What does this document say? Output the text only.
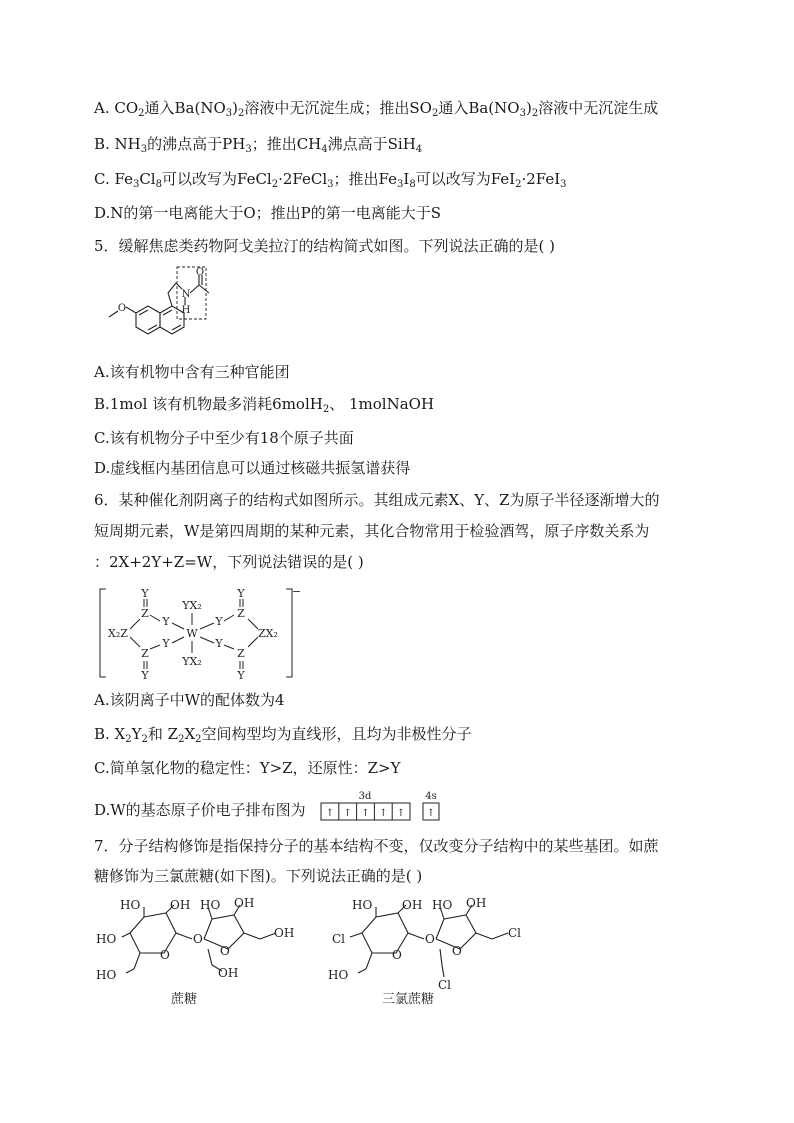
A. $CO_2$通入$Ba(NO_3)_2$溶液中无沉淀生成；推出$SO_2$通入$Ba(NO_3)_2$溶液中无沉淀生成
B. $NH_3$的沸点高于$PH_3$；推出$CH_4$沸点高于SiH$_4$
C. $Fe_3Cl_8$可以改写为FeCl$_2$·2FeCl$_3$；推出$Fe_3I_8$可以改写为FeI$_2$·2FeI$_3$
D.N的第一电离能大于O；推出P的第一电离能大于S
5．缓解焦虑类药物阿戈美拉汀的结构简式如图。下列说法正确的是( )
O
N
O
H
A.该有机物中含有三种官能团
B.1mol 该有机物最多消耗6molH$_2$、 1molNaOH
C.该有机物分子中至少有18个原子共面
D.虚线框内基团信息可以通过核磁共振氢谱获得
6．某种催化剂阴离子的结构式如图所示。其组成元素X、Y、Z为原子半径逐渐增大的
短周期元素，W是第四周期的某种元素，其化合物常用于检验酒驾，原子序数关系为
：2X+2Y+Z=W，下列说法错误的是( )
X₂Z
Y
Z
Y
Z
Y
Y
YX₂
W
YX₂
Y
Y
Y
Z
Z
Y
ZX₂
−
A.该阴离子中W的配体数为4
B. $X_2Y_2$和 $Z_2X_2$空间构型均为直线形，且均为非极性分子
C.简单氢化物的稳定性：Y>Z，还原性：Z>Y
D.W的基态原子价电子排布图为
3d	4s
↑ ↑ ↑ ↑ ↑ ↑
7．分子结构修饰是指保持分子的基本结构不变，仅改变分子结构中的某些基团。如蔗
糖修饰为三氯蔗糖(如下图)。下列说法正确的是( )
HO OH
HO
HO
O
O
HO OH
O
OH
OH
蔗糖
HO OH
Cl
HO
O
O
HO OH
O
Cl
Cl
三氯蔗糖
